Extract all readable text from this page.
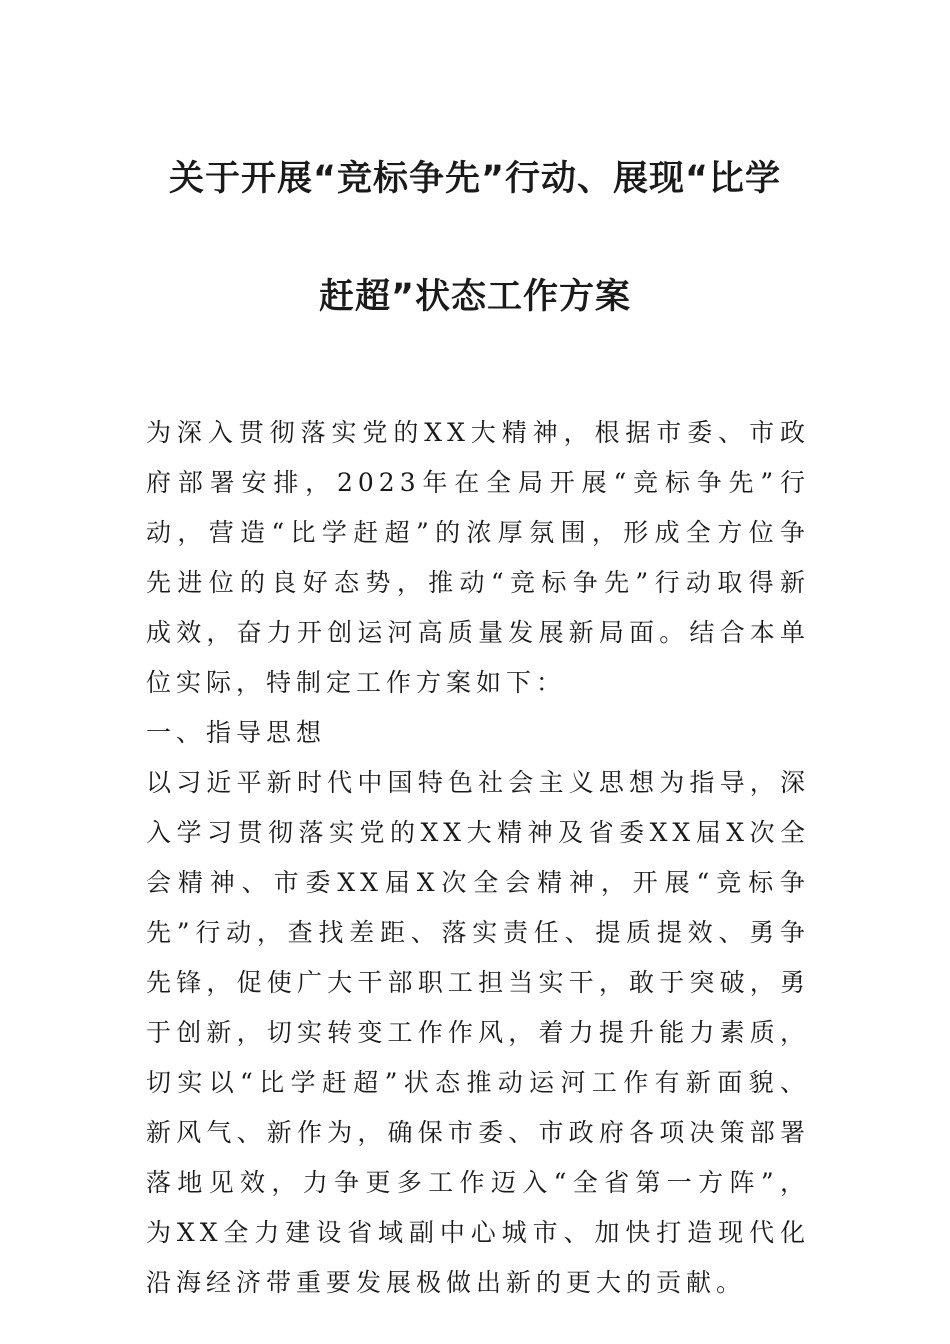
关于开展“竞标争先”行动、展现“比学
赶超”状态工作方案

为深入贯彻落实党的XX大精神，根据市委、市政府部署安排，2023年在全局开展“竞标争先”行动，营造“比学赶超”的浓厚氛围，形成全方位争先进位的良好态势，推动“竞标争先”行动取得新成效，奋力开创运河高质量发展新局面。结合本单位实际，特制定工作方案如下：

一、指导思想

以习近平新时代中国特色社会主义思想为指导，深入学习贯彻落实党的XX大精神及省委XX届X次全会精神、市委XX届X次全会精神，开展“竞标争先”行动，查找差距、落实责任、提质提效、勇争先锋，促使广大干部职工担当实干，敢于突破，勇于创新，切实转变工作作风，着力提升能力素质，切实以“比学赶超”状态推动运河工作有新面貌、新风气、新作为，确保市委、市政府各项决策部署落地见效，力争更多工作迈入“全省第一方阵”，为XX全力建设省域副中心城市、加快打造现代化沿海经济带重要发展极做出新的更大的贡献。
